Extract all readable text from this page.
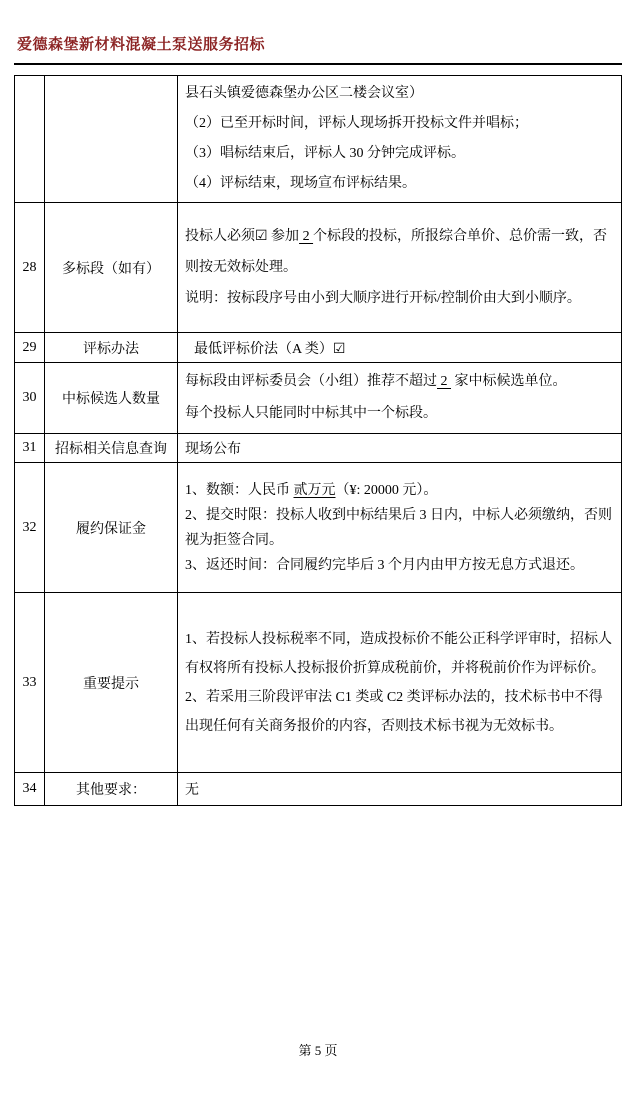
爱德森堡新材料混凝土泵送服务招标

		县石头镇爱德森堡办公区二楼会议室）

（2）已至开标时间，评标人现场拆开投标文件并唱标；

（3）唱标结束后，评标人 30 分钟完成评标。

（4）评标结束，现场宣布评标结果。

28	多标段（如有）	投标人必须☑ 参加 2 个标段的投标，所报综合单价、总价需一致，否则按无效标处理。

说明：按标段序号由小到大顺序进行开标/控制价由大到小顺序。

29	评标办法	最低评标价法（A 类）☑

30	中标候选人数量	每标段由评标委员会（小组）推荐不超过 2  家中标候选单位。

每个投标人只能同时中标其中一个标段。

31	招标相关信息查询	现场公布

32	履约保证金	1、数额：人民币 贰万元（¥: 20000 元）。

2、提交时限：投标人收到中标结果后 3 日内，中标人必须缴纳，否则视为拒签合同。

3、返还时间：合同履约完毕后 3 个月内由甲方按无息方式退还。

33	重要提示	1、若投标人投标税率不同，造成投标价不能公正科学评审时，招标人有权将所有投标人投标报价折算成税前价，并将税前价作为评标价。

2、若采用三阶段评审法 C1 类或 C2 类评标办法的，技术标书中不得出现任何有关商务报价的内容，否则技术标书视为无效标书。

34	其他要求：	无

第 5 页
